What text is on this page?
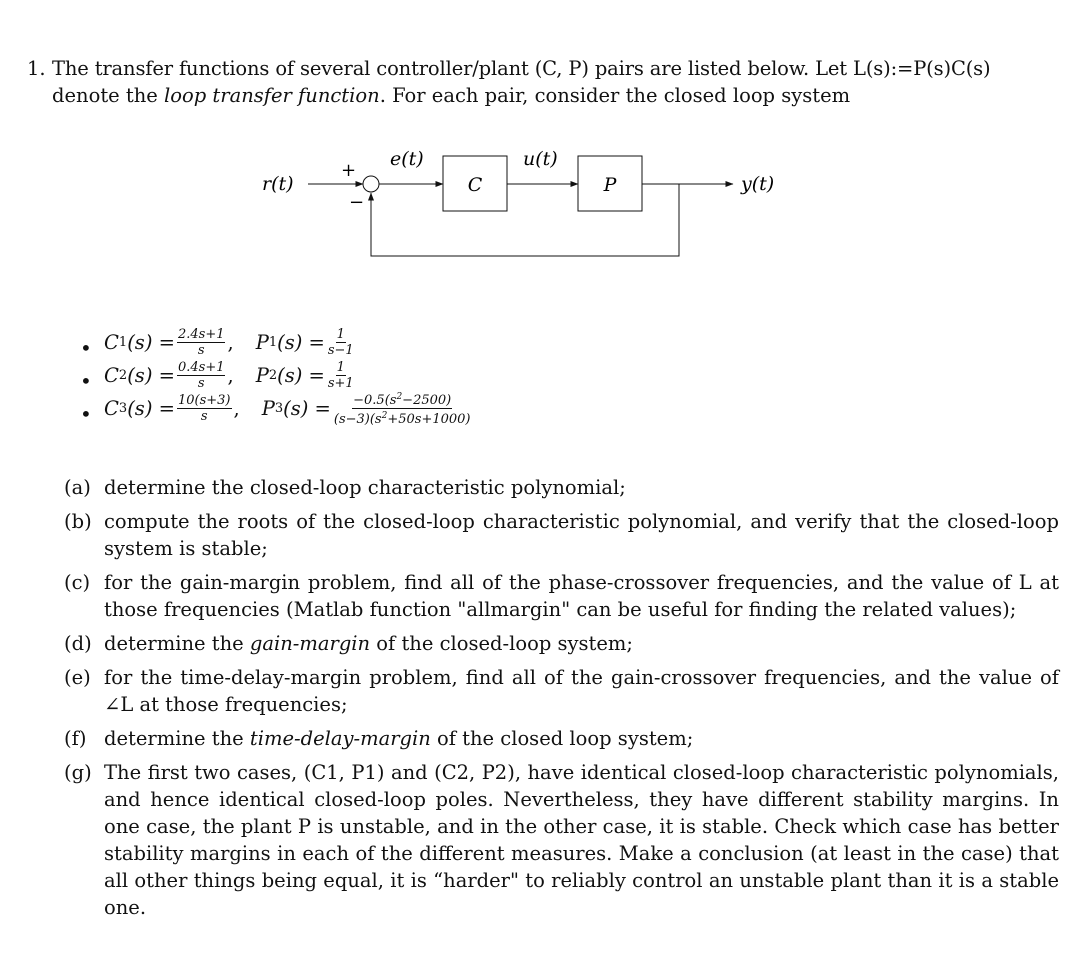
1. The transfer functions of several controller/plant (C, P) pairs are listed below. Let L(s):=P(s)C(s)

denote the loop transfer function. For each pair, consider the closed loop system

r(t)
+
−
e(t)
C
u(t)
P	y(t)
• C 1 $(s) = \frac{2.4s+1}{s}$ , P 1 $(s) = \frac{1}{s-1}$
• C 2 $(s) = \frac{0.4s+1}{s}$ , P 2 $(s) = \frac{1}{s+1}$
• C 3 $(s) = \frac{10(s+3)}{s}$ , P 3 $(s) = \frac{-0.5(s^2-2500)}{(s-3)(s^2+50s+1000)}$
(a) determine the closed-loop characteristic polynomial;
(b) compute the roots of the closed-loop characteristic polynomial, and verify that the closed-loop system is stable;
(c) for the gain-margin problem, find all of the phase-crossover frequencies, and the value of L at those frequencies (Matlab function "allmargin" can be useful for finding the related values);
(d) determine the gain-margin of the closed-loop system;
(e) for the time-delay-margin problem, find all of the gain-crossover frequencies, and the value of ∠L at those frequencies;
(f) determine the time-delay-margin of the closed loop system;
(g) The first two cases, (C1, P1) and (C2, P2), have identical closed-loop characteristic polynomials, and hence identical closed-loop poles. Nevertheless, they have different stability margins. In one case, the plant P is unstable, and in the other case, it is stable. Check which case has better stability margins in each of the different measures. Make a conclusion (at least in the case) that all other things being equal, it is “harder" to reliably control an unstable plant than it is a stable one.
